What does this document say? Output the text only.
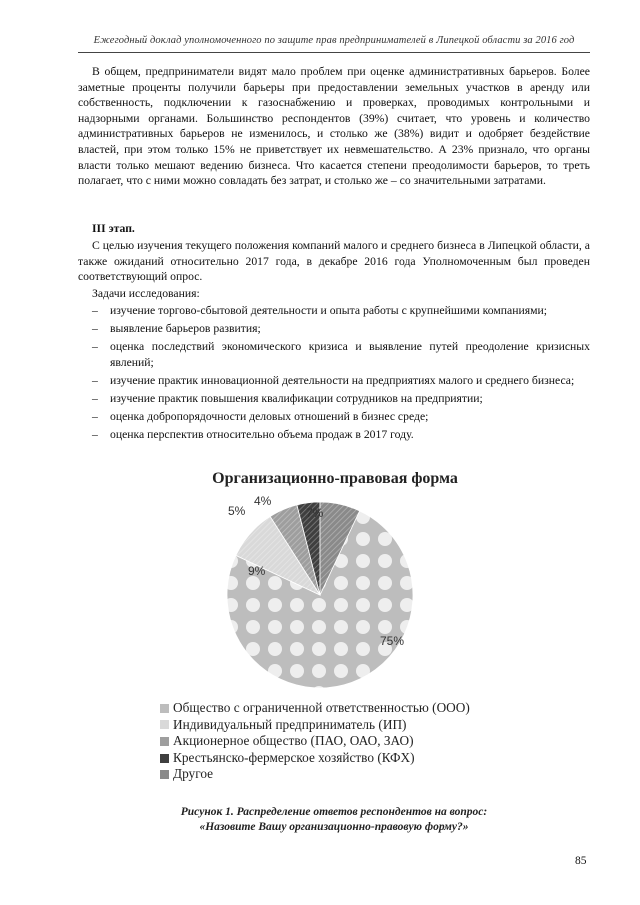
Ежегодный доклад уполномоченного по защите прав предпринимателей в Липецкой области за 2016 год

В общем, предприниматели видят мало проблем при оценке административных барьеров. Более заметные проценты получили барьеры при предоставлении земельных участков в аренду или собственность, подключении к газоснабжению и проверках, проводимых контрольными и надзорными органами. Большинство респондентов (39%) считает, что уровень и количество административных барьеров не изменилось, и столько же (38%) видит и одобряет бездействие властей, при этом только 15% не приветствует их невмешательство. А 23% признало, что органы власти только мешают ведению бизнеса. Что касается степени преодолимости барьеров, то треть полагает, что с ними можно совладать без затрат, и столько же – со значительными затратами.

III этап.

С целью изучения текущего положения компаний малого и среднего бизнеса в Липецкой области, а также ожиданий относительно 2017 года, в декабре 2016 года Уполномоченным был проведен соответствующий опрос.

Задачи исследования:

– изучение торгово-сбытовой деятельности и опыта работы с крупнейшими компаниями;
– выявление барьеров развития;
– оценка последствий экономического кризиса и выявление путей преодоление кризисных явлений;
– изучение практик инновационной деятельности на предприятиях малого и среднего бизнеса;
– изучение практик повышения квалификации сотрудников на предприятии;
– оценка добропорядочности деловых отношений в бизнес среде;
– оценка перспектив относительно объема продаж в 2017 году.

Организационно-правовая форма

75%
9%
5%
4%
7%
Общество с ограниченной ответственностью (ООО)
Индивидуальный предприниматель (ИП)
Акционерное общество (ПАО, ОАО, ЗАО)
Крестьянско-фермерское хозяйство (КФХ)
Другое

Рисунок 1. Распределение ответов респондентов на вопрос:
«Назовите Вашу организационно-правовую форму?»

85
